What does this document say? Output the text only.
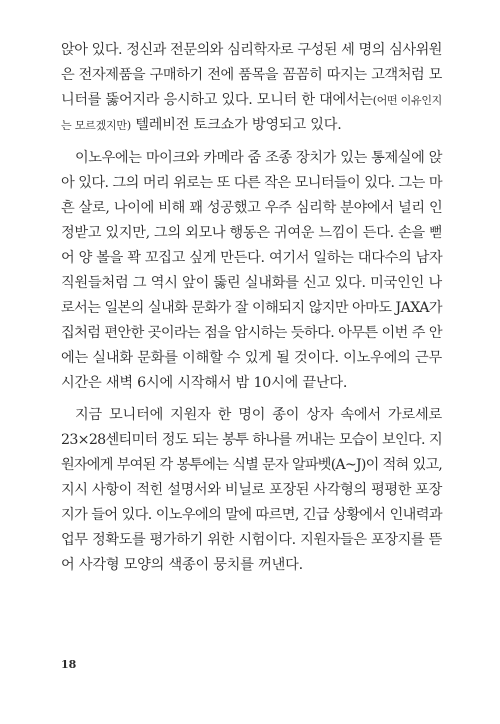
앉아 있다. 정신과 전문의와 심리학자로 구성된 세 명의 심사위원
은 전자제품을 구매하기 전에 품목을 꼼꼼히 따지는 고객처럼 모
니터를 뚫어지라 응시하고 있다. 모니터 한 대에서는(어떤 이유인지
는 모르겠지만) 텔레비전 토크쇼가 방영되고 있다.
이노우에는 마이크와 카메라 줌 조종 장치가 있는 통제실에 앉
아 있다. 그의 머리 위로는 또 다른 작은 모니터들이 있다. 그는 마
흔 살로, 나이에 비해 꽤 성공했고 우주 심리학 분야에서 널리 인
정받고 있지만, 그의 외모나 행동은 귀여운 느낌이 든다. 손을 뻗
어 양 볼을 꽉 꼬집고 싶게 만든다. 여기서 일하는 대다수의 남자
직원들처럼 그 역시 앞이 뚫린 실내화를 신고 있다. 미국인인 나
로서는 일본의 실내화 문화가 잘 이해되지 않지만 아마도 JAXA가
집처럼 편안한 곳이라는 점을 암시하는 듯하다. 아무튼 이번 주 안
에는 실내화 문화를 이해할 수 있게 될 것이다. 이노우에의 근무
시간은 새벽 6시에 시작해서 밤 10시에 끝난다.
지금 모니터에 지원자 한 명이 종이 상자 속에서 가로세로
23×28센티미터 정도 되는 봉투 하나를 꺼내는 모습이 보인다. 지
원자에게 부여된 각 봉투에는 식별 문자 알파벳(A~J)이 적혀 있고,
지시 사항이 적힌 설명서와 비닐로 포장된 사각형의 평평한 포장
지가 들어 있다. 이노우에의 말에 따르면, 긴급 상황에서 인내력과
업무 정확도를 평가하기 위한 시험이다. 지원자들은 포장지를 뜯
어 사각형 모양의 색종이 뭉치를 꺼낸다.
18
